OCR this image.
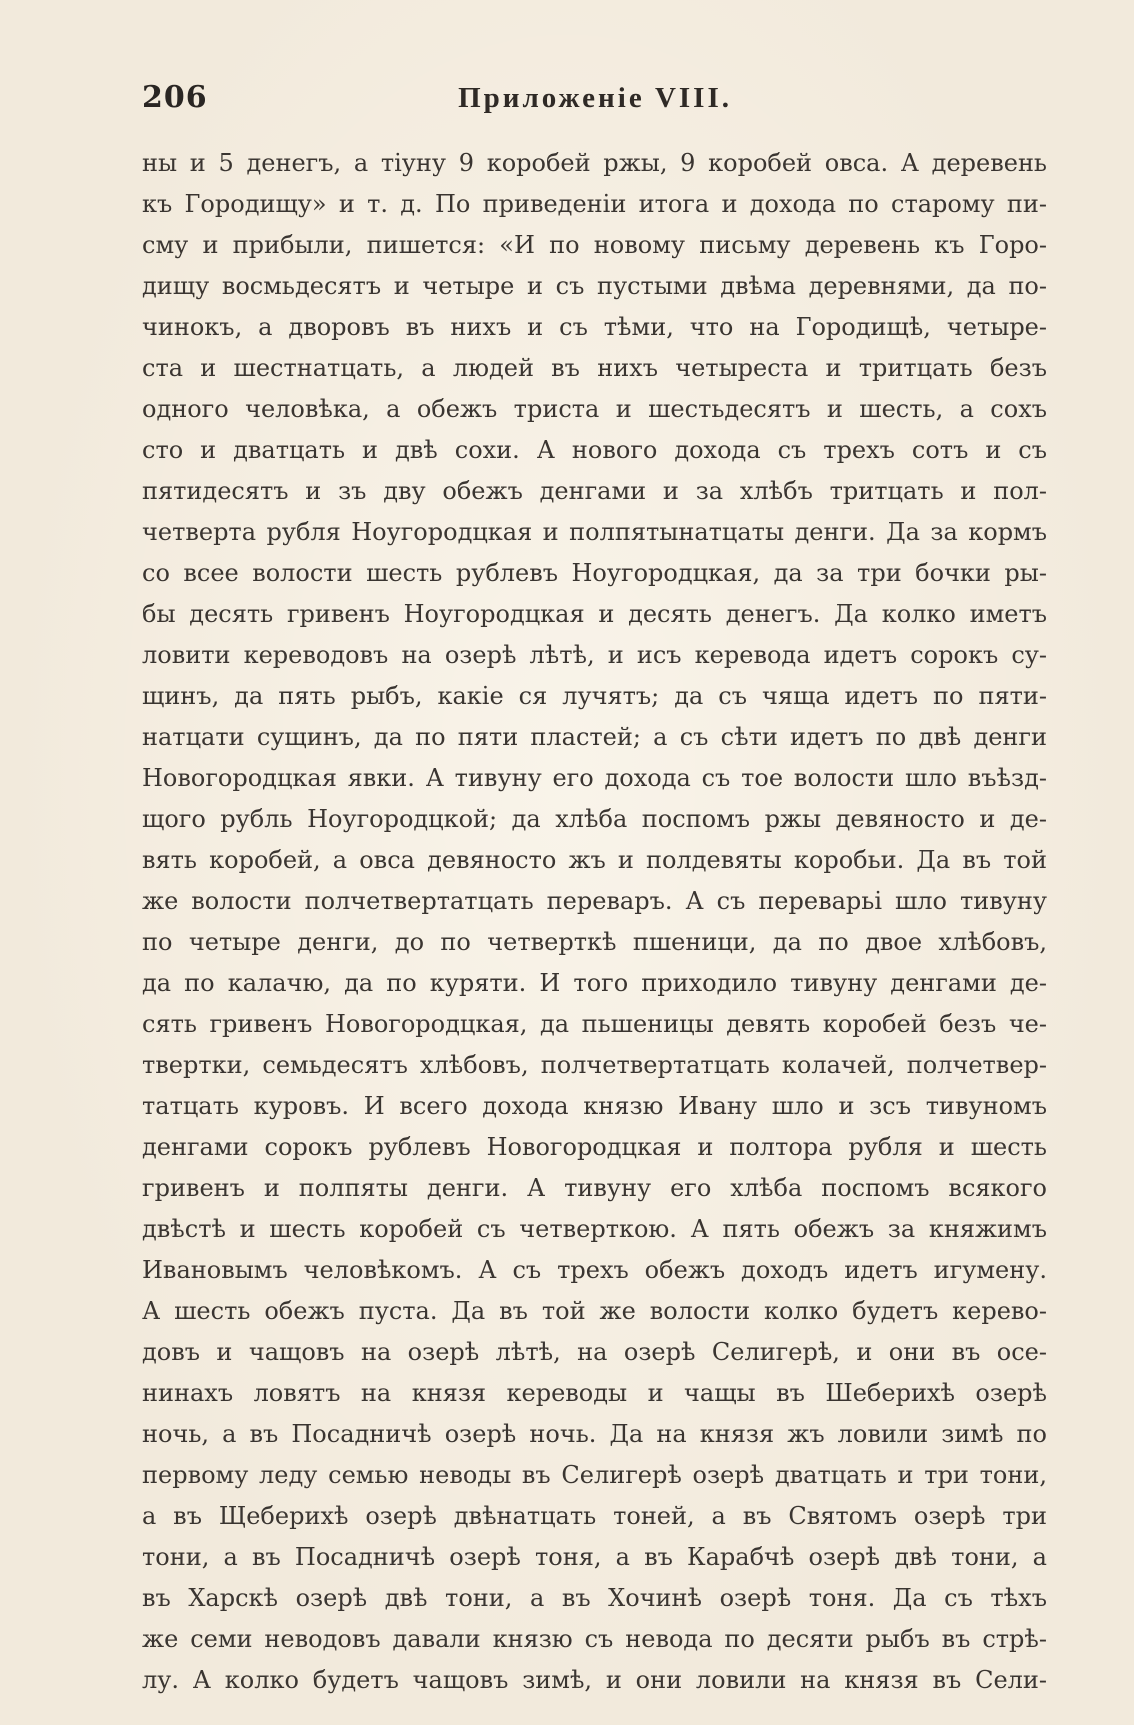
206	Приложеніе VIII.
ны и 5 денегъ, а тіуну 9 коробей ржы, 9 коробей овса. А деревень
къ Городищу» и т. д. По приведеніи итога и дохода по старому пи-
сму и прибыли, пишется: «И по новому письму деревень къ Горо-
дищу восмьдесятъ и четыре и съ пустыми двѣма деревнями, да по-
чинокъ, а дворовъ въ нихъ и съ тѣми, что на Городищѣ, четыре-
ста и шестнатцать, а людей въ нихъ четыреста и тритцать безъ
одного человѣка, а обежъ триста и шестьдесятъ и шесть, а сохъ
сто и дватцать и двѣ сохи. А нового дохода съ трехъ сотъ и съ
пятидесятъ и зъ дву обежъ денгами и за хлѣбъ тритцать и пол-
четверта рубля Ноугородцкая и полпятынатцаты денги. Да за кормъ
со всее волости шесть рублевъ Ноугородцкая, да за три бочки ры-
бы десять гривенъ Ноугородцкая и десять денегъ. Да колко иметъ
ловити кереводовъ на озерѣ лѣтѣ, и исъ керевода идетъ сорокъ су-
щинъ, да пять рыбъ, какіе ся лучятъ; да съ чяща идетъ по пяти-
натцати сущинъ, да по пяти пластей; а съ сѣти идетъ по двѣ денги
Новогородцкая явки. А тивуну его дохода съ тое волости шло въѣзд-
щого рубль Ноугородцкой; да хлѣба поспомъ ржы девяносто и де-
вять коробей, а овса девяносто жъ и полдевяты коробьи. Да въ той
же волости полчетвертатцать переваръ. А съ переварьі шло тивуну
по четыре денги, до по четверткѣ пшеници, да по двое хлѣбовъ,
да по калачю, да по куряти. И того приходило тивуну денгами де-
сять гривенъ Новогородцкая, да пьшеницы девять коробей безъ че-
твертки, семьдесятъ хлѣбовъ, полчетвертатцать колачей, полчетвер-
татцать куровъ. И всего дохода князю Ивану шло и зсъ тивуномъ
денгами сорокъ рублевъ Новогородцкая и полтора рубля и шесть
гривенъ и полпяты денги. А тивуну его хлѣба поспомъ всякого
двѣстѣ и шесть коробей съ четверткою. А пять обежъ за княжимъ
Ивановымъ человѣкомъ. А съ трехъ обежъ доходъ идетъ игумену.
А шесть обежъ пуста. Да въ той же волости колко будетъ керево-
довъ и чащовъ на озерѣ лѣтѣ, на озерѣ Селигерѣ, и они въ осе-
нинахъ ловятъ на князя кереводы и чащы въ Шеберихѣ озерѣ
ночь, а въ Посадничѣ озерѣ ночь. Да на князя жъ ловили зимѣ по
первому леду семью неводы въ Селигерѣ озерѣ дватцать и три тони,
а въ Щеберихѣ озерѣ двѣнатцать тоней, а въ Святомъ озерѣ три
тони, а въ Посадничѣ озерѣ тоня, а въ Карабчѣ озерѣ двѣ тони, а
въ Харскѣ озерѣ двѣ тони, а въ Хочинѣ озерѣ тоня. Да съ тѣхъ
же семи неводовъ давали князю съ невода по десяти рыбъ въ стрѣ-
лу. А колко будетъ чащовъ зимѣ, и они ловили на князя въ Сели-
